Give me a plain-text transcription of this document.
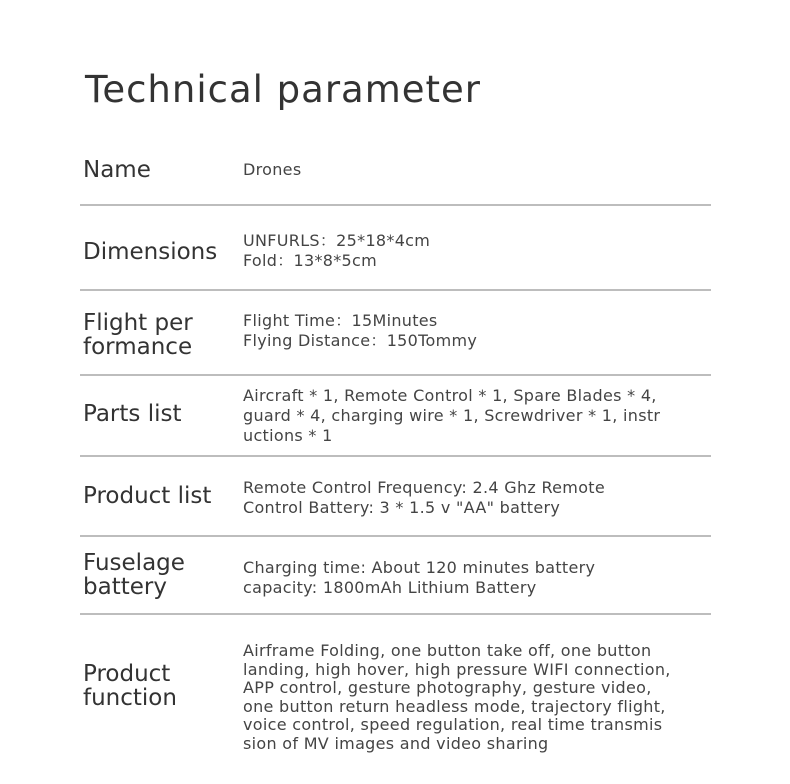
Technical parameter
Name	Drones
Dimensions UNFURLS：25*18*4cm
Fold：13*8*5cm
Flight per
formance
Flight Time：15Minutes
Flying Distance：150Tommy
Parts list
Aircraft * 1, Remote Control * 1, Spare Blades * 4,
guard * 4, charging wire * 1, Screwdriver * 1, instr
uctions * 1
Product list Remote Control Frequency: 2.4 Ghz Remote
Control Battery: 3 * 1.5 v "AA" battery
Fuselage
battery
Charging time: About 120 minutes battery
capacity: 1800mAh Lithium Battery
Product
function
Airframe Folding, one button take off, one button
landing, high hover, high pressure WIFI connection,
APP control, gesture photography, gesture video,
one button return headless mode, trajectory flight,
voice control, speed regulation, real time transmis
sion of MV images and video sharing
